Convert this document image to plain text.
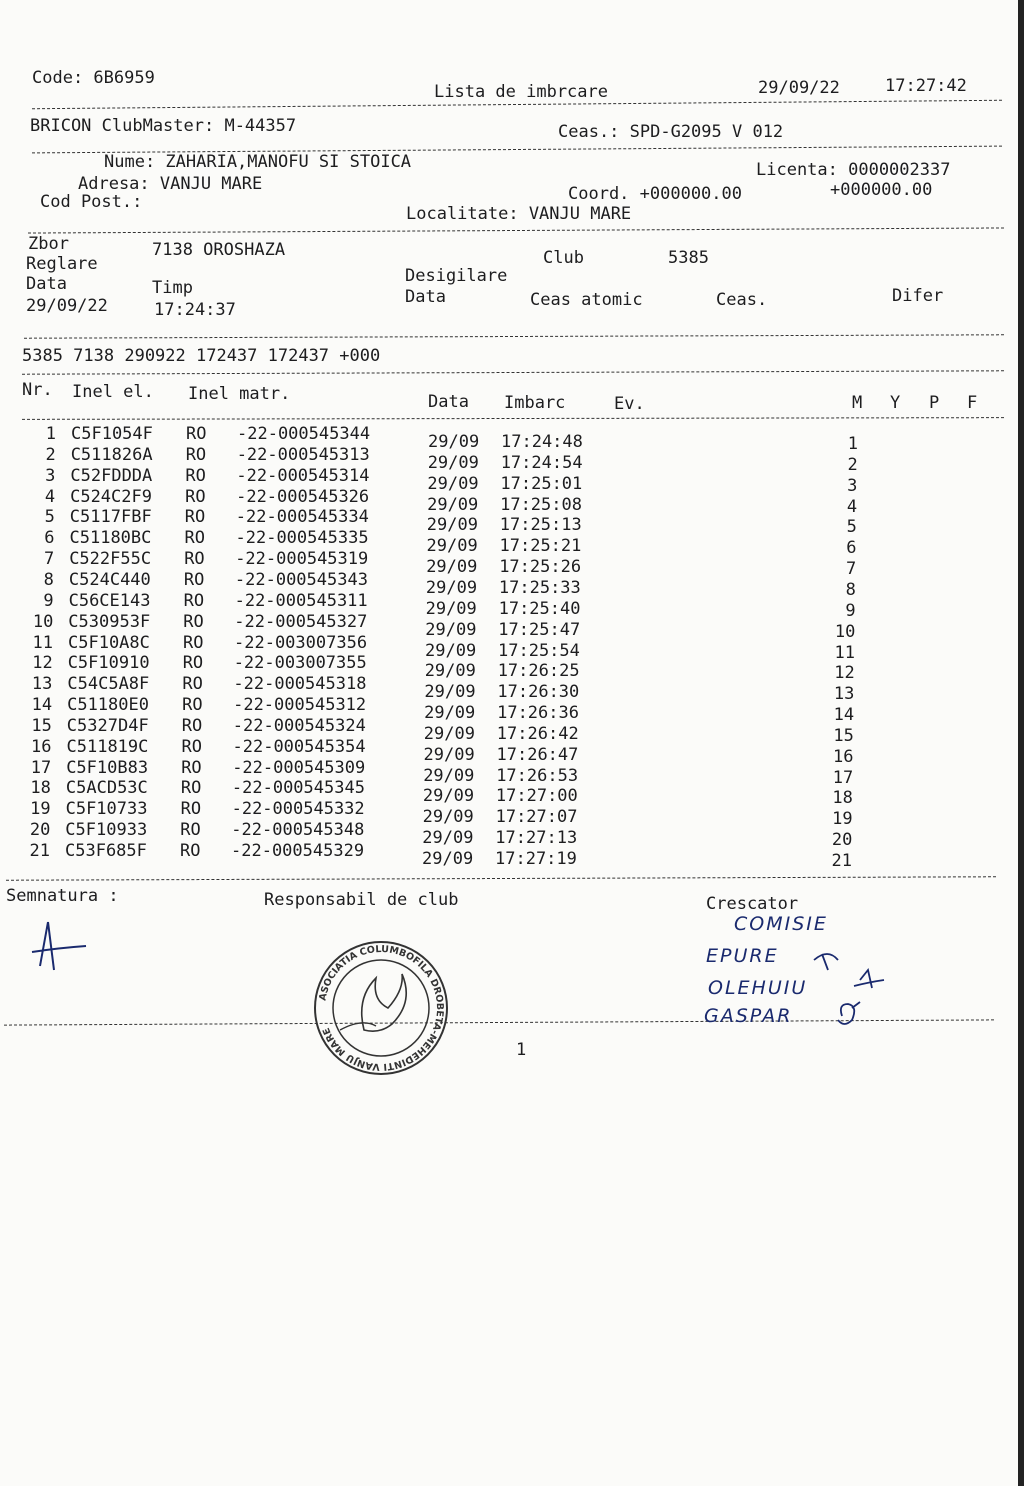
Code: 6B6959
Lista de imbrcare	29/09/22	17:27:42
BRICON ClubMaster: M-44357	Ceas.: SPD-G2095 V 012
Nume: ZAHARIA,MANOFU SI STOICA	Licenta: 0000002337
Adresa: VANJU MARE	Coord. +000000.00	+000000.00
Cod Post.:
Localitate: VANJU MARE
Zbor	7138 OROSHAZA
Reglare	Club	5385
Desigilare
Data	Timp	Data	Ceas atomic	Ceas.	Difer
29/09/22	17:24:37
5385 7138 290922 172437 172437 +000
Nr. Inel el. Inel matr.	Data Imbarc	Ev.	M Y P F
1 C5F1054F RO -22-000545344	29/09 17:24:48	1
2 C511826A RO -22-000545313	29/09 17:24:54	2
3 C52FDDDA RO -22-000545314	29/09 17:25:01	3
4 C524C2F9 RO -22-000545326	29/09 17:25:08	4
5 C5117FBF RO -22-000545334	29/09 17:25:13	5
6 C51180BC RO -22-000545335	29/09 17:25:21	6
7 C522F55C RO -22-000545319	29/09 17:25:26	7
8 C524C440 RO -22-000545343	29/09 17:25:33	8
9 C56CE143 RO -22-000545311	29/09 17:25:40	9
10 C530953F RO -22-000545327	29/09 17:25:47	10
11 C5F10A8C RO -22-003007356	29/09 17:25:54	11
12 C5F10910 RO -22-003007355	29/09 17:26:25	12
13 C54C5A8F RO -22-000545318	29/09 17:26:30	13
14 C51180E0 RO -22-000545312	29/09 17:26:36	14
15 C5327D4F RO -22-000545324	29/09 17:26:42	15
16 C511819C RO -22-000545354	29/09 17:26:47	16
17 C5F10B83 RO -22-000545309	29/09 17:26:53	17
18 C5ACD53C RO -22-000545345	29/09 17:27:00	18
19 C5F10733 RO -22-000545332	29/09 17:27:07	19
20 C5F10933 RO -22-000545348	29/09 17:27:13	20
21 C53F685F RO -22-000545329	29/09 17:27:19	21
Semnatura :	Responsabil de club	Crescator
ASOCIATIA COLUMBOFILA DROBETA-MEHEDINTI VANJU MARE
COMISIE
EPURE
OLEHUIU
GASPAR
1
